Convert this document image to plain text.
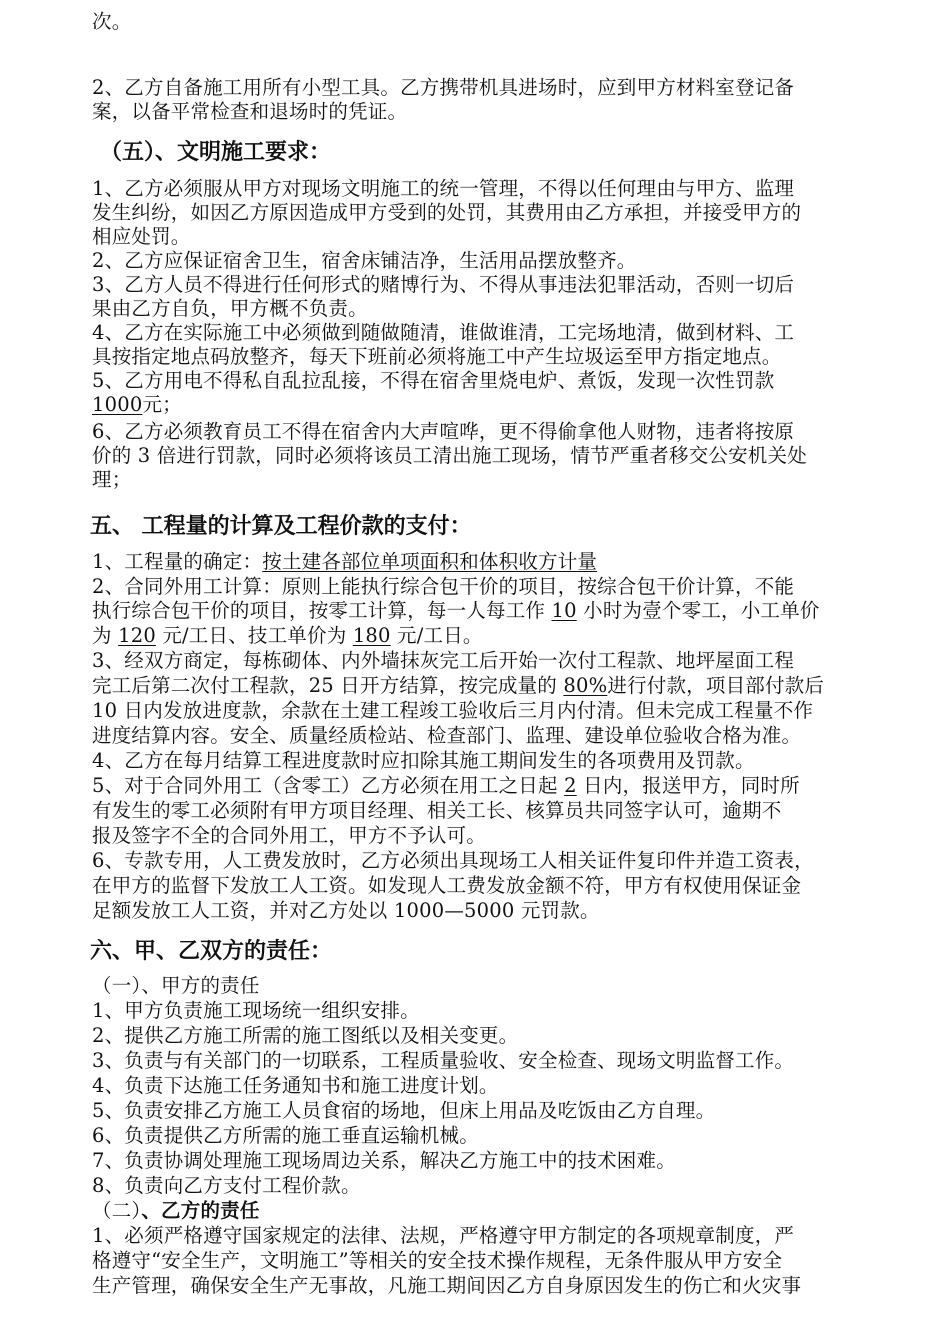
次。
2、乙方自备施工用所有小型工具。乙方携带机具进场时，应到甲方材料室登记备
案，以备平常检查和退场时的凭证。
（五）、文明施工要求：
1、乙方必须服从甲方对现场文明施工的统一管理，不得以任何理由与甲方、监理
发生纠纷，如因乙方原因造成甲方受到的处罚，其费用由乙方承担，并接受甲方的
相应处罚。
2、乙方应保证宿舍卫生，宿舍床铺洁净，生活用品摆放整齐。
3、乙方人员不得进行任何形式的赌博行为、不得从事违法犯罪活动，否则一切后
果由乙方自负，甲方概不负责。
4、乙方在实际施工中必须做到随做随清，谁做谁清，工完场地清，做到材料、工
具按指定地点码放整齐，每天下班前必须将施工中产生垃圾运至甲方指定地点。
5、乙方用电不得私自乱拉乱接，不得在宿舍里烧电炉、煮饭，发现一次性罚款
1000元；
6、乙方必须教育员工不得在宿舍内大声喧哗，更不得偷拿他人财物，违者将按原
价的 3 倍进行罚款，同时必须将该员工清出施工现场，情节严重者移交公安机关处
理；
五、 工程量的计算及工程价款的支付：
1、工程量的确定：按土建各部位单项面积和体积收方计量
2、合同外用工计算：原则上能执行综合包干价的项目，按综合包干价计算，不能
执行综合包干价的项目，按零工计算，每一人每工作 10 小时为壹个零工，小工单价
为 120 元/工日、技工单价为 180 元/工日。
3、经双方商定，每栋砌体、内外墙抹灰完工后开始一次付工程款、地坪屋面工程
完工后第二次付工程款，25 日开方结算，按完成量的 80%进行付款，项目部付款后
10 日内发放进度款，余款在土建工程竣工验收后三月内付清。但未完成工程量不作
进度结算内容。安全、质量经质检站、检查部门、监理、建设单位验收合格为准。
4、乙方在每月结算工程进度款时应扣除其施工期间发生的各项费用及罚款。
5、对于合同外用工（含零工）乙方必须在用工之日起 2 日内，报送甲方，同时所
有发生的零工必须附有甲方项目经理、相关工长、核算员共同签字认可，逾期不
报及签字不全的合同外用工，甲方不予认可。
6、专款专用，人工费发放时，乙方必须出具现场工人相关证件复印件并造工资表，
在甲方的监督下发放工人工资。如发现人工费发放金额不符，甲方有权使用保证金
足额发放工人工资，并对乙方处以 1000—5000 元罚款。
六、甲、乙双方的责任：
（一）、甲方的责任
1、甲方负责施工现场统一组织安排。
2、提供乙方施工所需的施工图纸以及相关变更。
3、负责与有关部门的一切联系，工程质量验收、安全检查、现场文明监督工作。
4、负责下达施工任务通知书和施工进度计划。
5、负责安排乙方施工人员食宿的场地，但床上用品及吃饭由乙方自理。
6、负责提供乙方所需的施工垂直运输机械。
7、负责协调处理施工现场周边关系，解决乙方施工中的技术困难。
8、负责向乙方支付工程价款。
（二）、乙方的责任
1、必须严格遵守国家规定的法律、法规，严格遵守甲方制定的各项规章制度，严
格遵守“安全生产，文明施工”等相关的安全技术操作规程，无条件服从甲方安全
生产管理，确保安全生产无事故，凡施工期间因乙方自身原因发生的伤亡和火灾事
